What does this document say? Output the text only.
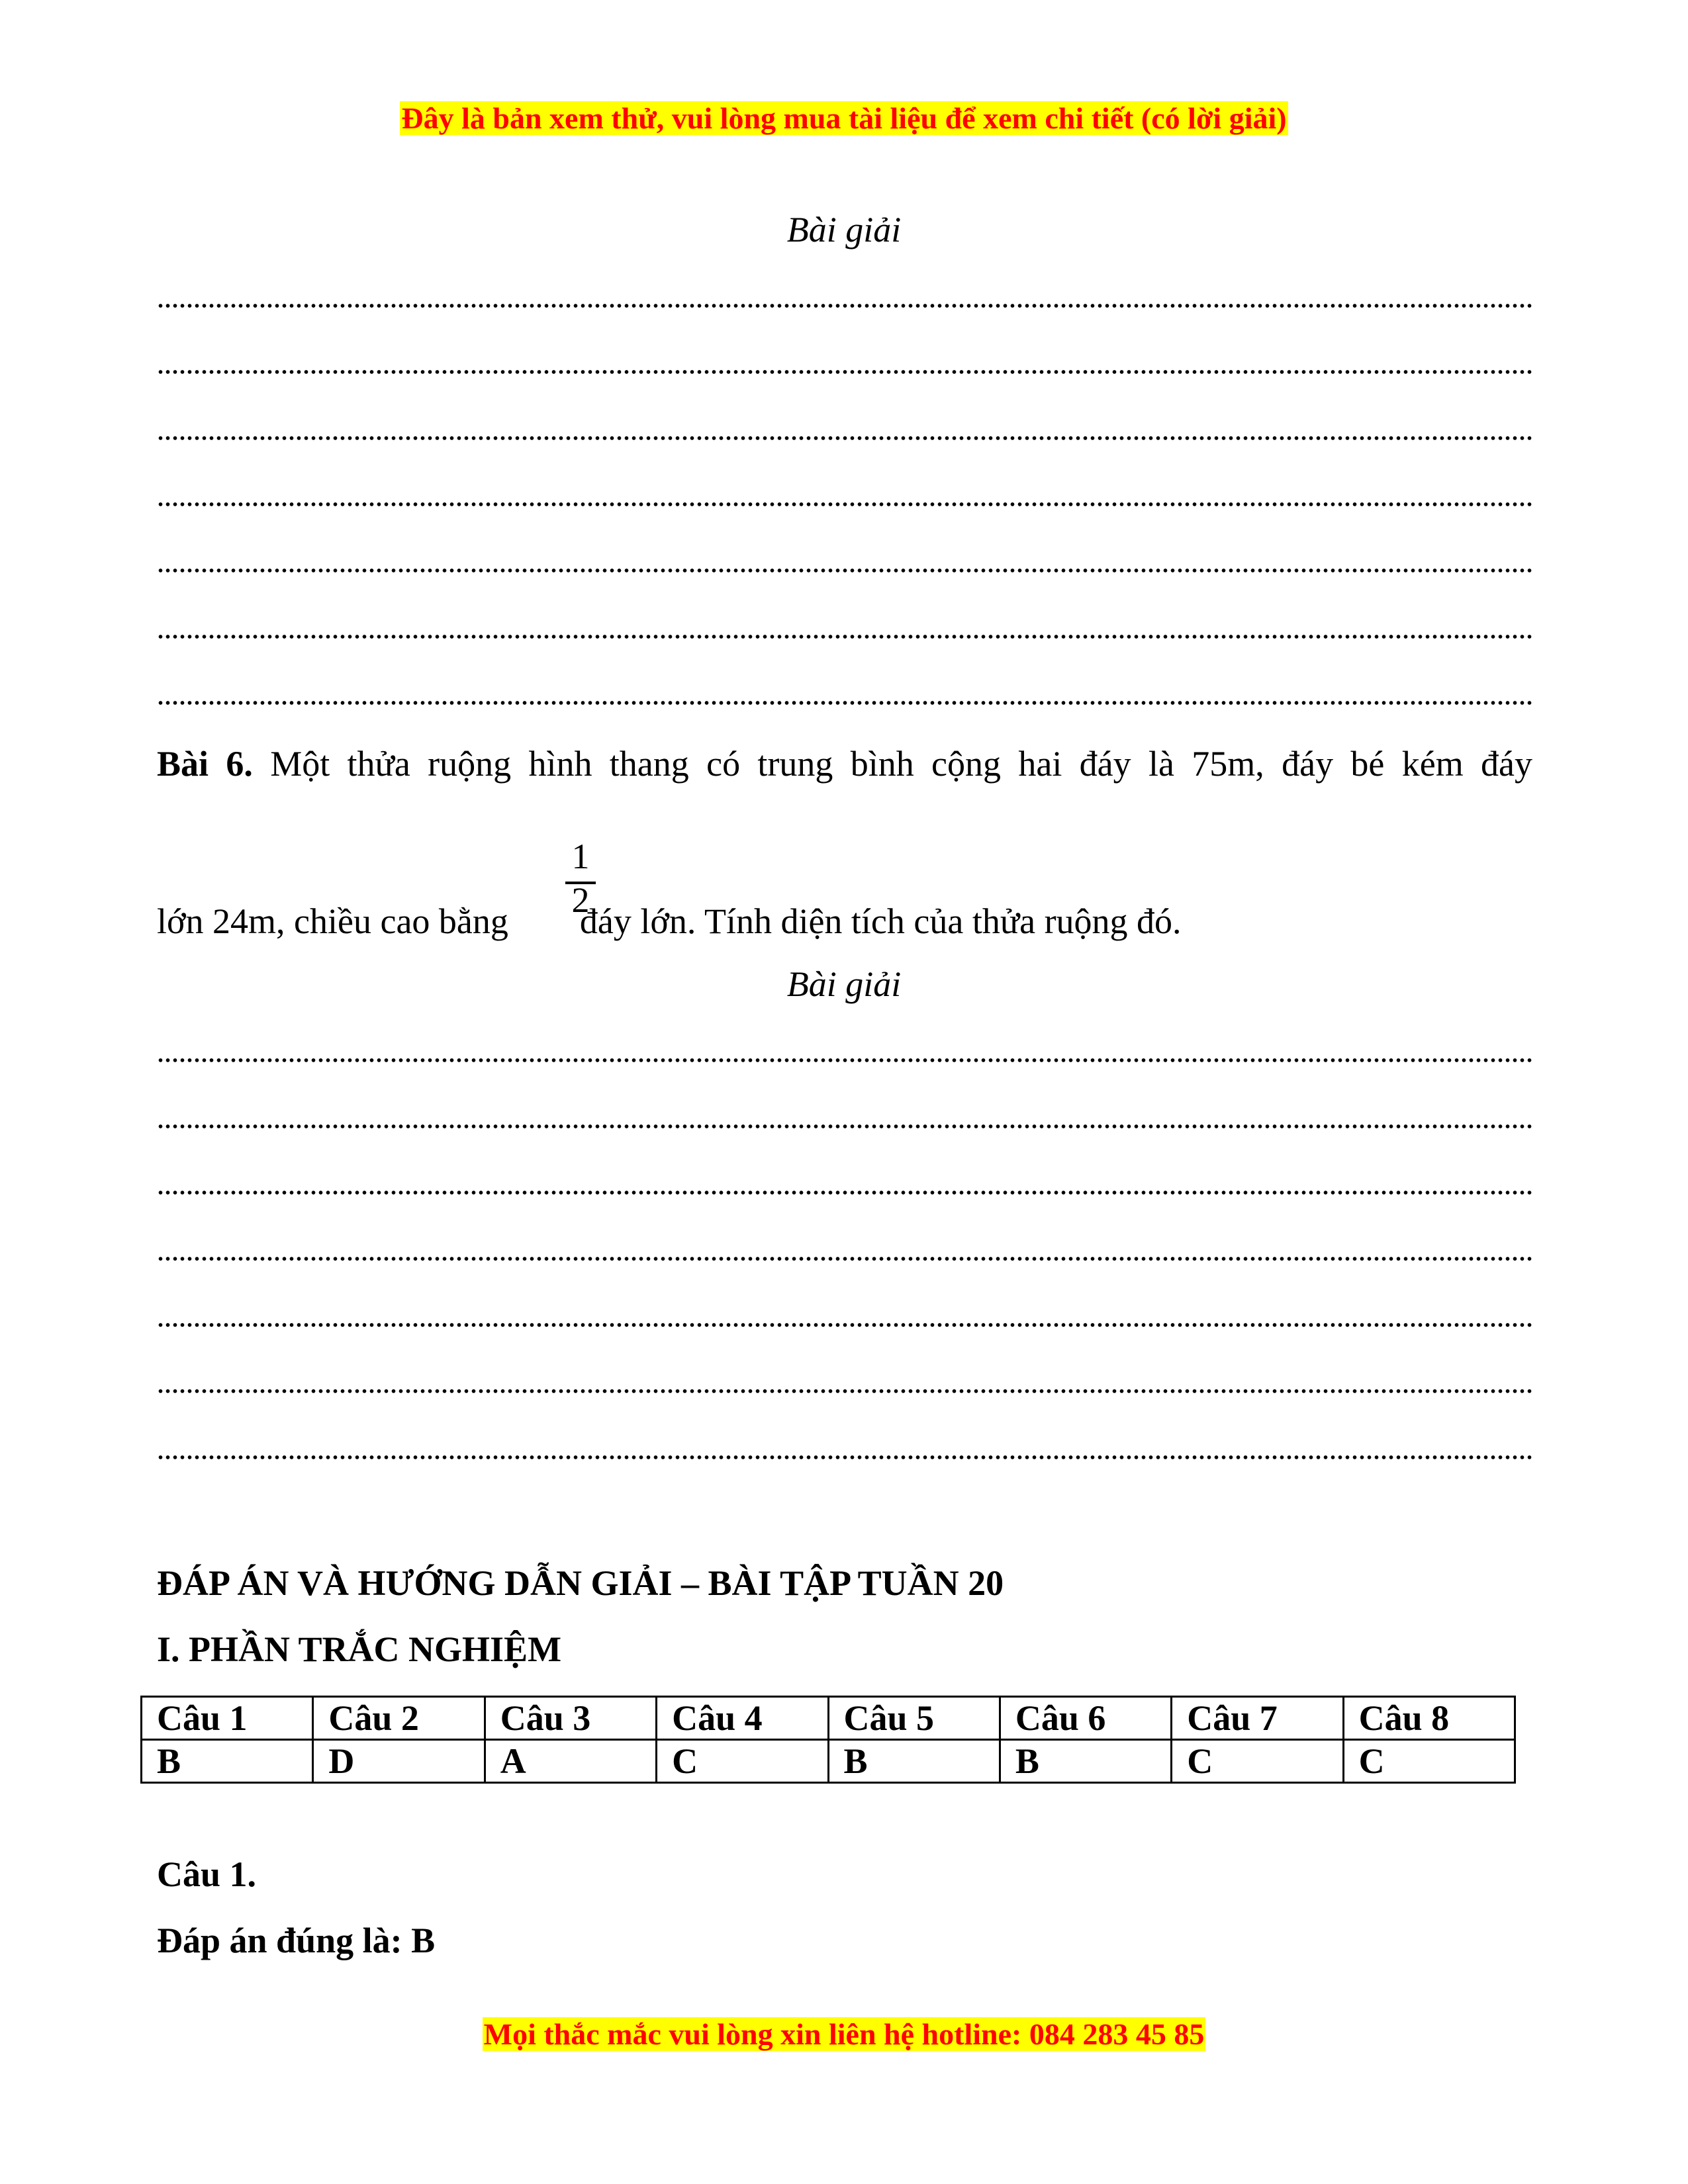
Đây là bản xem thử, vui lòng mua tài liệu để xem chi tiết (có lời giải)
Bài giải
Bài 6. Một thửa ruộng hình thang có trung bình cộng hai đáy là 75m, đáy bé kém đáy
1
2
lớn 24m, chiều cao bằng đáy lớn. Tính diện tích của thửa ruộng đó.
Bài giải
ĐÁP ÁN VÀ HƯỚNG DẪN GIẢI – BÀI TẬP TUẦN 20
I. PHẦN TRẮC NGHIỆM
Câu 1	Câu 2	Câu 3	Câu 4	Câu 5	Câu 6	Câu 7	Câu 8
B	D	A	C	B	B	C	C
Câu 1.
Đáp án đúng là: B
Mọi thắc mắc vui lòng xin liên hệ hotline: 084 283 45 85
